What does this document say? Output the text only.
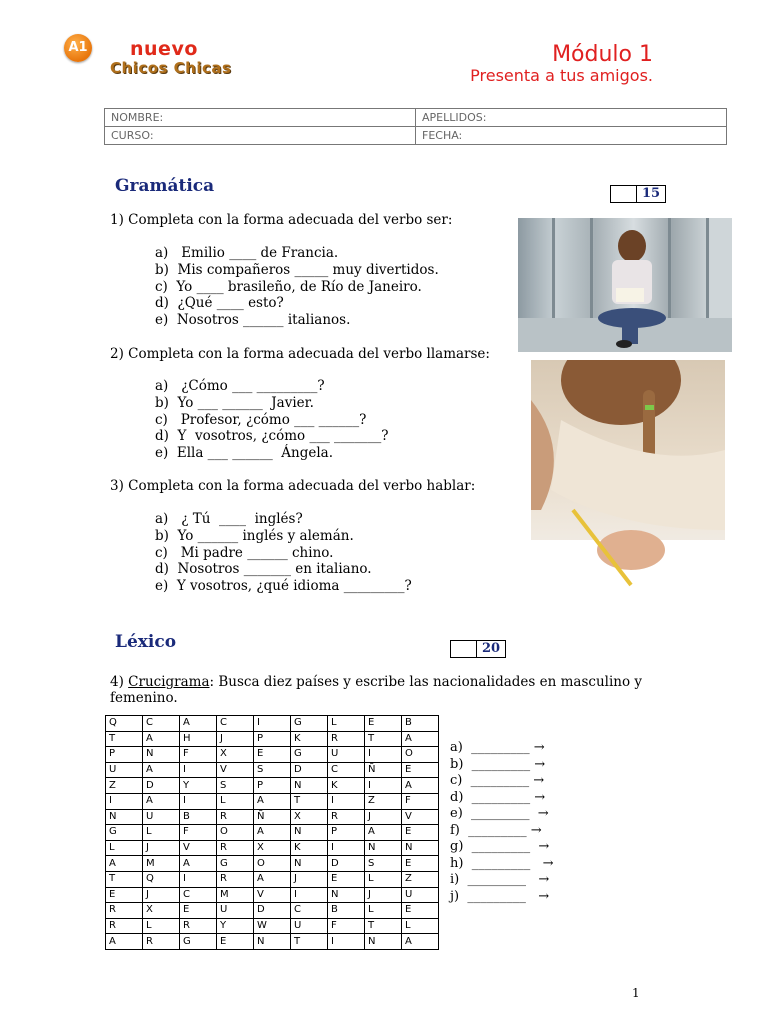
A1 nuevo
Chicos Chicas
Módulo 1
Presenta a tus amigos.
NOMBRE:	APELLIDOS:
CURSO:	FECHA:
Gramática	15
1) Completa con la forma adecuada del verbo ser:
a)   Emilio ____ de Francia.
b)  Mis compañeros _____ muy divertidos.
c)  Yo ____ brasileño, de Río de Janeiro.
d)  ¿Qué ____ esto?
e)  Nosotros ______ italianos.
2) Completa con la forma adecuada del verbo llamarse:
a)   ¿Cómo ___ _________?
b)  Yo ___ ______  Javier.
c)   Profesor, ¿cómo ___ ______?
d)  Y  vosotros, ¿cómo ___ _______?
e)  Ella ___ ______  Ángela.
3) Completa con la forma adecuada del verbo hablar:
a)   ¿ Tú  ____  inglés?
b)  Yo ______ inglés y alemán.
c)   Mi padre ______ chino.
d)  Nosotros _______ en italiano.
e)  Y vosotros, ¿qué idioma _________?
Léxico	20
4) Crucigrama: Busca diez países y escribe las nacionalidades en masculino y femenino.
Q	C	A	C	I	G	L	E	B
T	A	H	J	P	K	R	T	A
P	N	F	X	E	G	U	I	O
U	A	I	V	S	D	C	Ñ	E
Z	D	Y	S	P	N	K	I	A
I	A	I	L	A	T	I	Z	F
N	U	B	R	Ñ	X	R	J	V
G	L	F	O	A	N	P	A	E
L	J	V	R	X	K	I	N	N
A	M	A	G	O	N	D	S	E
T	Q	I	R	A	J	E	L	Z
E	J	C	M	V	I	N	J	U
R	X	E	U	D	C	B	L	E
R	L	R	Y	W	U	F	T	L
A	R	G	E	N	T	I	N	A
a)  _________ →
b)  _________ →
c)  _________ →
d)  _________ →
e)  _________  →
f)  _________ →
g)  _________  →
h)  _________   →
i)  _________   →
j)  _________   →
1
